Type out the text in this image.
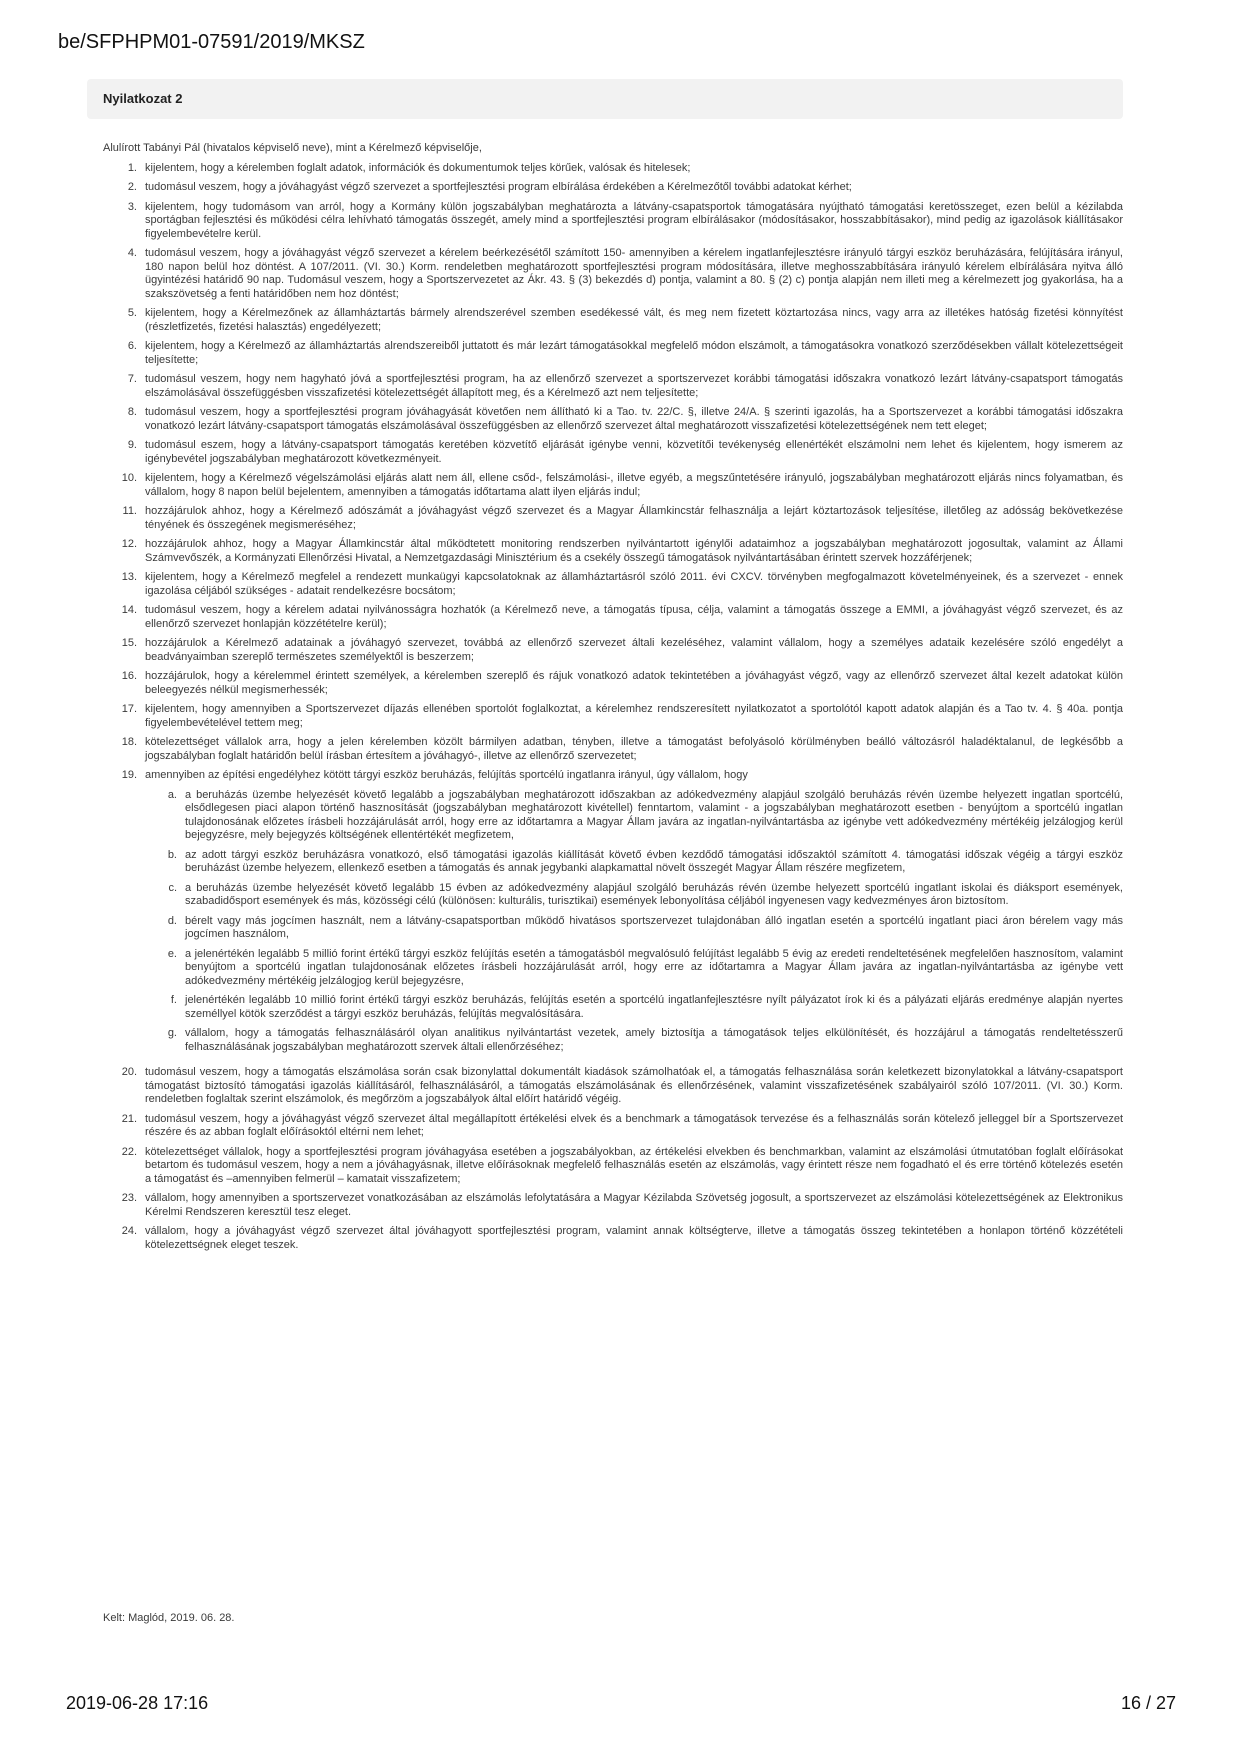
be/SFPHPM01-07591/2019/MKSZ
Nyilatkozat 2

Alulírott Tabányi Pál (hivatalos képviselő neve), mint a Kérelmező képviselője,

1. kijelentem, hogy a kérelemben foglalt adatok, információk és dokumentumok teljes körűek, valósak és hitelesek;
2. tudomásul veszem, hogy a jóváhagyást végző szervezet a sportfejlesztési program elbírálása érdekében a Kérelmezőtől további adatokat kérhet;
3. kijelentem, hogy tudomásom van arról, hogy a Kormány külön jogszabályban meghatározta a látvány-csapatsportok támogatására nyújtható támogatási keretösszeget, ezen belül a kézilabda sportágban fejlesztési és működési célra lehívható támogatás összegét, amely mind a sportfejlesztési program elbírálásakor (módosításakor, hosszabbításakor), mind pedig az igazolások kiállításakor figyelembevételre kerül.
4. tudomásul veszem, hogy a jóváhagyást végző szervezet a kérelem beérkezésétől számított 150- amennyiben a kérelem ingatlanfejlesztésre irányuló tárgyi eszköz beruházására, felújítására irányul, 180 napon belül hoz döntést. A 107/2011. (VI. 30.) Korm. rendeletben meghatározott sportfejlesztési program módosítására, illetve meghosszabbítására irányuló kérelem elbírálására nyitva álló ügyintézési határidő 90 nap. Tudomásul veszem, hogy a Sportszervezetet az Ákr. 43. § (3) bekezdés d) pontja, valamint a 80. § (2) c) pontja alapján nem illeti meg a kérelmezett jog gyakorlása, ha a szakszövetség a fenti határidőben nem hoz döntést;
5. kijelentem, hogy a Kérelmezőnek az államháztartás bármely alrendszerével szemben esedékessé vált, és meg nem fizetett köztartozása nincs, vagy arra az illetékes hatóság fizetési könnyítést (részletfizetés, fizetési halasztás) engedélyezett;
6. kijelentem, hogy a Kérelmező az államháztartás alrendszereiből juttatott és már lezárt támogatásokkal megfelelő módon elszámolt, a támogatásokra vonatkozó szerződésekben vállalt kötelezettségeit teljesítette;
7. tudomásul veszem, hogy nem hagyható jóvá a sportfejlesztési program, ha az ellenőrző szervezet a sportszervezet korábbi támogatási időszakra vonatkozó lezárt látvány-csapatsport támogatás elszámolásával összefüggésben visszafizetési kötelezettségét állapított meg, és a Kérelmező azt nem teljesítette;
8. tudomásul veszem, hogy a sportfejlesztési program jóváhagyását követően nem állítható ki a Tao. tv. 22/C. §, illetve 24/A. § szerinti igazolás, ha a Sportszervezet a korábbi támogatási időszakra vonatkozó lezárt látvány-csapatsport támogatás elszámolásával összefüggésben az ellenőrző szervezet által meghatározott visszafizetési kötelezettségének nem tett eleget;
9. tudomásul eszem, hogy a látvány-csapatsport támogatás keretében közvetítő eljárását igénybe venni, közvetítői tevékenység ellenértékét elszámolni nem lehet és kijelentem, hogy ismerem az igénybevétel jogszabályban meghatározott következményeit.
10. kijelentem, hogy a Kérelmező végelszámolási eljárás alatt nem áll, ellene csőd-, felszámolási-, illetve egyéb, a megszűntetésére irányuló, jogszabályban meghatározott eljárás nincs folyamatban, és vállalom, hogy 8 napon belül bejelentem, amennyiben a támogatás időtartama alatt ilyen eljárás indul;
11. hozzájárulok ahhoz, hogy a Kérelmező adószámát a jóváhagyást végző szervezet és a Magyar Államkincstár felhasználja a lejárt köztartozások teljesítése, illetőleg az adósság bekövetkezése tényének és összegének megismeréséhez;
12. hozzájárulok ahhoz, hogy a Magyar Államkincstár által működtetett monitoring rendszerben nyilvántartott igénylői adataimhoz a jogszabályban meghatározott jogosultak, valamint az Állami Számvevőszék, a Kormányzati Ellenőrzési Hivatal, a Nemzetgazdasági Minisztérium és a csekély összegű támogatások nyilvántartásában érintett szervek hozzáférjenek;
13. kijelentem, hogy a Kérelmező megfelel a rendezett munkaügyi kapcsolatoknak az államháztartásról szóló 2011. évi CXCV. törvényben megfogalmazott követelményeinek, és a szervezet - ennek igazolása céljából szükséges - adatait rendelkezésre bocsátom;
14. tudomásul veszem, hogy a kérelem adatai nyilvánosságra hozhatók (a Kérelmező neve, a támogatás típusa, célja, valamint a támogatás összege a EMMI, a jóváhagyást végző szervezet, és az ellenőrző szervezet honlapján közzétételre kerül);
15. hozzájárulok a Kérelmező adatainak a jóváhagyó szervezet, továbbá az ellenőrző szervezet általi kezeléséhez, valamint vállalom, hogy a személyes adataik kezelésére szóló engedélyt a beadványaimban szereplő természetes személyektől is beszerzem;
16. hozzájárulok, hogy a kérelemmel érintett személyek, a kérelemben szereplő és rájuk vonatkozó adatok tekintetében a jóváhagyást végző, vagy az ellenőrző szervezet által kezelt adatokat külön beleegyezés nélkül megismerhessék;
17. kijelentem, hogy amennyiben a Sportszervezet díjazás ellenében sportolót foglalkoztat, a kérelemhez rendszeresített nyilatkozatot a sportolótól kapott adatok alapján és a Tao tv. 4. § 40a. pontja figyelembevételével tettem meg;
18. kötelezettséget vállalok arra, hogy a jelen kérelemben közölt bármilyen adatban, tényben, illetve a támogatást befolyásoló körülményben beálló változásról haladéktalanul, de legkésőbb a jogszabályban foglalt határidőn belül írásban értesítem a jóváhagyó-, illetve az ellenőrző szervezetet;
19. amennyiben az építési engedélyhez kötött tárgyi eszköz beruházás, felújítás sportcélú ingatlanra irányul, úgy vállalom, hogy
a. a beruházás üzembe helyezését követő legalább a jogszabályban meghatározott időszakban az adókedvezmény alapjául szolgáló beruházás révén üzembe helyezett ingatlan sportcélú, elsődlegesen piaci alapon történő hasznosítását (jogszabályban meghatározott kivétellel) fenntartom, valamint - a jogszabályban meghatározott esetben - benyújtom a sportcélú ingatlan tulajdonosának előzetes írásbeli hozzájárulását arról, hogy erre az időtartamra a Magyar Állam javára az ingatlan-nyilvántartásba az igénybe vett adókedvezmény mértékéig jelzálogjog kerül bejegyzésre, mely bejegyzés költségének ellentértékét megfizetem,
b. az adott tárgyi eszköz beruházásra vonatkozó, első támogatási igazolás kiállítását követő évben kezdődő támogatási időszaktól számított 4. támogatási időszak végéig a tárgyi eszköz beruházást üzembe helyezem, ellenkező esetben a támogatás és annak jegybanki alapkamattal növelt összegét Magyar Állam részére megfizetem,
c. a beruházás üzembe helyezését követő legalább 15 évben az adókedvezmény alapjául szolgáló beruházás révén üzembe helyezett sportcélú ingatlant iskolai és diáksport események, szabadidősport események és más, közösségi célú (különösen: kulturális, turisztikai) események lebonyolítása céljából ingyenesen vagy kedvezményes áron biztosítom.
d. bérelt vagy más jogcímen használt, nem a látvány-csapatsportban működő hivatásos sportszervezet tulajdonában álló ingatlan esetén a sportcélú ingatlant piaci áron bérelem vagy más jogcímen használom,
e. a jelenértékén legalább 5 millió forint értékű tárgyi eszköz felújítás esetén a támogatásból megvalósuló felújítást legalább 5 évig az eredeti rendeltetésének megfelelően hasznosítom, valamint benyújtom a sportcélú ingatlan tulajdonosának előzetes írásbeli hozzájárulását arról, hogy erre az időtartamra a Magyar Állam javára az ingatlan-nyilvántartásba az igénybe vett adókedvezmény mértékéig jelzálogjog kerül bejegyzésre,
f. jelenértékén legalább 10 millió forint értékű tárgyi eszköz beruházás, felújítás esetén a sportcélú ingatlanfejlesztésre nyílt pályázatot írok ki és a pályázati eljárás eredménye alapján nyertes személlyel kötök szerződést a tárgyi eszköz beruházás, felújítás megvalósítására.
g. vállalom, hogy a támogatás felhasználásáról olyan analitikus nyilvántartást vezetek, amely biztosítja a támogatások teljes elkülönítését, és hozzájárul a támogatás rendeltetésszerű felhasználásának jogszabályban meghatározott szervek általi ellenőrzéséhez;
20. tudomásul veszem, hogy a támogatás elszámolása során csak bizonylattal dokumentált kiadások számolhatóak el, a támogatás felhasználása során keletkezett bizonylatokkal a látvány-csapatsport támogatást biztosító támogatási igazolás kiállításáról, felhasználásáról, a támogatás elszámolásának és ellenőrzésének, valamint visszafizetésének szabályairól szóló 107/2011. (VI. 30.) Korm. rendeletben foglaltak szerint elszámolok, és megőrzöm a jogszabályok által előírt határidő végéig.
21. tudomásul veszem, hogy a jóváhagyást végző szervezet által megállapított értékelési elvek és a benchmark a támogatások tervezése és a felhasználás során kötelező jelleggel bír a Sportszervezet részére és az abban foglalt előírásoktól eltérni nem lehet;
22. kötelezettséget vállalok, hogy a sportfejlesztési program jóváhagyása esetében a jogszabályokban, az értékelési elvekben és benchmarkban, valamint az elszámolási útmutatóban foglalt előírásokat betartom és tudomásul veszem, hogy a nem a jóváhagyásnak, illetve előírásoknak megfelelő felhasználás esetén az elszámolás, vagy érintett része nem fogadható el és erre történő kötelezés esetén a támogatást és –amennyiben felmerül – kamatait visszafizetem;
23. vállalom, hogy amennyiben a sportszervezet vonatkozásában az elszámolás lefolytatására a Magyar Kézilabda Szövetség jogosult, a sportszervezet az elszámolási kötelezettségének az Elektronikus Kérelmi Rendszeren keresztül tesz eleget.
24. vállalom, hogy a jóváhagyást végző szervezet által jóváhagyott sportfejlesztési program, valamint annak költségterve, illetve a támogatás összeg tekintetében a honlapon történő közzétételi kötelezettségnek eleget teszek.
Kelt: Maglód, 2019. 06. 28.
2019-06-28 17:16	16 / 27
